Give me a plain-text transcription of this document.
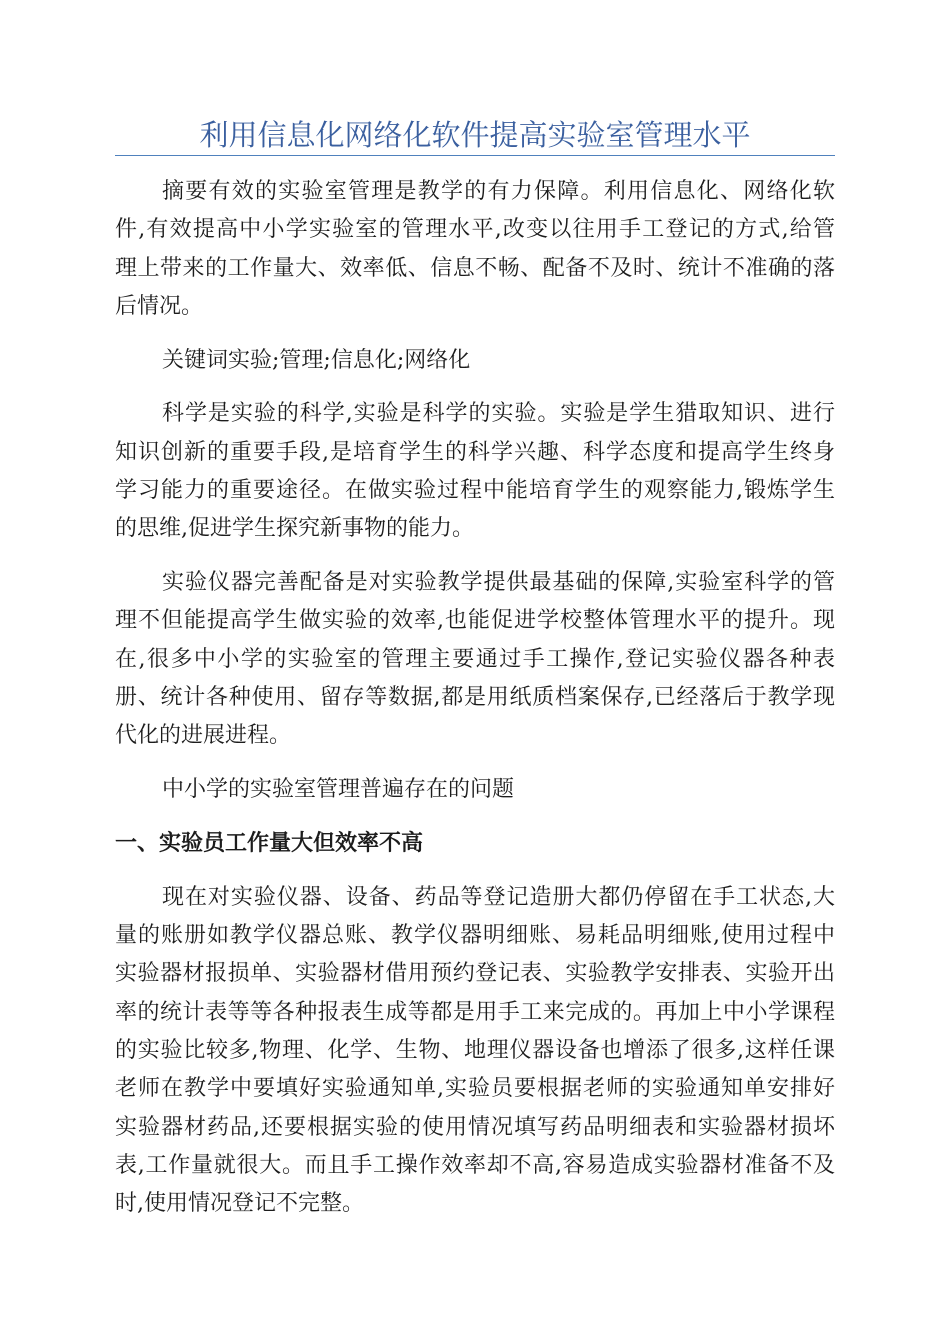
利用信息化网络化软件提高实验室管理水平
摘要有效的实验室管理是教学的有力保障。利用信息化、网络化软
件,有效提高中小学实验室的管理水平,改变以往用手工登记的方式,给管
理上带来的工作量大、效率低、信息不畅、配备不及时、统计不准确的落
后情况。
关键词实验;管理;信息化;网络化
科学是实验的科学,实验是科学的实验。实验是学生猎取知识、进行
知识创新的重要手段,是培育学生的科学兴趣、科学态度和提高学生终身
学习能力的重要途径。在做实验过程中能培育学生的观察能力,锻炼学生
的思维,促进学生探究新事物的能力。
实验仪器完善配备是对实验教学提供最基础的保障,实验室科学的管
理不但能提高学生做实验的效率,也能促进学校整体管理水平的提升。现
在,很多中小学的实验室的管理主要通过手工操作,登记实验仪器各种表
册、统计各种使用、留存等数据,都是用纸质档案保存,已经落后于教学现
代化的进展进程。
中小学的实验室管理普遍存在的问题
一、实验员工作量大但效率不高
现在对实验仪器、设备、药品等登记造册大都仍停留在手工状态,大
量的账册如教学仪器总账、教学仪器明细账、易耗品明细账,使用过程中
实验器材报损单、实验器材借用预约登记表、实验教学安排表、实验开出
率的统计表等等各种报表生成等都是用手工来完成的。再加上中小学课程
的实验比较多,物理、化学、生物、地理仪器设备也增添了很多,这样任课
老师在教学中要填好实验通知单,实验员要根据老师的实验通知单安排好
实验器材药品,还要根据实验的使用情况填写药品明细表和实验器材损坏
表,工作量就很大。而且手工操作效率却不高,容易造成实验器材准备不及
时,使用情况登记不完整。
